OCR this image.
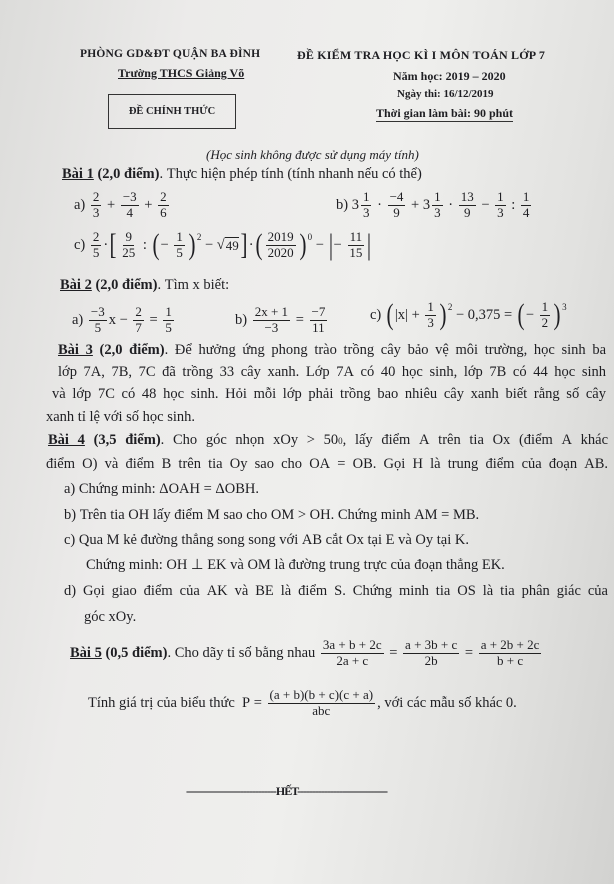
PHÒNG GD&ĐT QUẬN BA ĐÌNH
Trường THCS Giảng Võ
ĐỀ CHÍNH THỨC
ĐỀ KIỂM TRA HỌC KÌ I MÔN TOÁN LỚP 7
Năm học: 2019 – 2020
Ngày thi: 16/12/2019
Thời gian làm bài: 90 phút
(Học sinh không được sử dụng máy tính)
Bài 1 (2,0 điểm) . Thực hiện phép tính (tính nhanh nếu có thể)
$a) \frac{2}{3} + \frac{-3}{4} + \frac{2}{6}$	b) $3 \frac{1}{3} \cdot \frac{-4}{9} + 3 \frac{1}{3} \cdot \frac{13}{9} - \frac{1}{3}$ : $\frac{1}{4}$
$c) \frac{2}{5}$ · [ $\frac{9}{25}$ : ( − $\frac{1}{5}$ ) 2 − √ 49 ] · ( $\frac{2019}{2020}$ ) 0 − | − $\frac{11}{15}$ |
Bài 2 (2,0 điểm) . Tìm x biết:
$a) \frac{-3}{5}$ $x - \frac{2}{7} = \frac{1}{5}$	$b) \frac{2x + 1}{-3} = \frac{-7}{11}$	c) ( $|x| + \frac{1}{3}$ ) 2 − 0,375 = ( − $\frac{1}{2}$ ) 3
Bài 3 (2,0 điểm). Để hưởng ứng phong trào trồng cây bảo vệ môi trường, học sinh ba
lớp 7A, 7B, 7C đã trồng 33 cây xanh. Lớp 7A có 40 học sinh, lớp 7B có 44 học sinh
và lớp 7C có 48 học sinh. Hỏi mỗi lớp phải trồng bao nhiêu cây xanh biết rằng số cây
xanh tỉ lệ với số học sinh.
Bài 4 (3,5 điểm). Cho góc nhọn xOy > 500, lấy điểm A trên tia Ox (điểm A khác
điểm O) và điểm B trên tia Oy sao cho OA = OB. Gọi H là trung điểm của đoạn AB.
a) Chứng minh: ΔOAH = ΔOBH.
b) Trên tia OH lấy điểm M sao cho OM > OH. Chứng minh AM = MB.
c) Qua M kẻ đường thẳng song song với AB cắt Ox tại E và Oy tại K.
Chứng minh: OH ⊥ EK và OM là đường trung trực của đoạn thẳng EK.
d) Gọi giao điểm của AK và BE là điểm S. Chứng minh tia OS là tia phân giác của
góc xOy.
Bài 5 (0,5 điểm) . Cho dãy tỉ số bằng nhau $\frac{3a + b + 2c}{2a + c} = \frac{a + 3b + c}{2b} = \frac{a + 2b + 2c}{b + c}$
Tính giá trị của biểu thức  $P = \frac{(a + b)(b + c)(c + a)}{\text{abc}}$ , với các mẫu số khác 0.
------------------------------HẾT------------------------------
